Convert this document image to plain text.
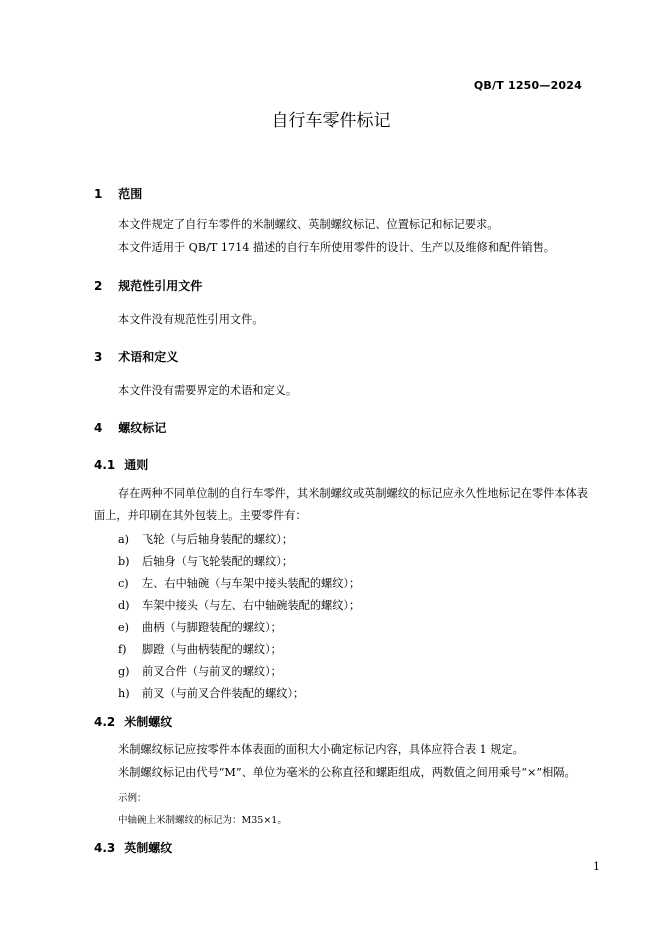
QB/T 1250—2024
自行车零件标记
1 范围

本文件规定了自行车零件的米制螺纹、英制螺纹标记、位置标记和标记要求。

本文件适用于 QB/T 1714 描述的自行车所使用零件的设计、生产以及维修和配件销售。

2 规范性引用文件

本文件没有规范性引用文件。

3 术语和定义

本文件没有需要界定的术语和定义。

4 螺纹标记
4.1 通则

存在两种不同单位制的自行车零件，其米制螺纹或英制螺纹的标记应永久性地标记在零件本体表面上，并印刷在其外包装上。主要零件有：

a) 飞轮（与后轴身装配的螺纹）；
b) 后轴身（与飞轮装配的螺纹）；
c) 左、右中轴碗（与车架中接头装配的螺纹）；
d) 车架中接头（与左、右中轴碗装配的螺纹）；
e) 曲柄（与脚蹬装配的螺纹）；
f) 脚蹬（与曲柄装配的螺纹）；
g) 前叉合件（与前叉的螺纹）；
h) 前叉（与前叉合件装配的螺纹）；
4.2 米制螺纹

米制螺纹标记应按零件本体表面的面积大小确定标记内容，具体应符合表 1 规定。

米制螺纹标记由代号“M”、单位为毫米的公称直径和螺距组成，两数值之间用乘号“×”相隔。

示例：
中轴碗上米制螺纹的标记为：M35×1。
4.3 英制螺纹
1
